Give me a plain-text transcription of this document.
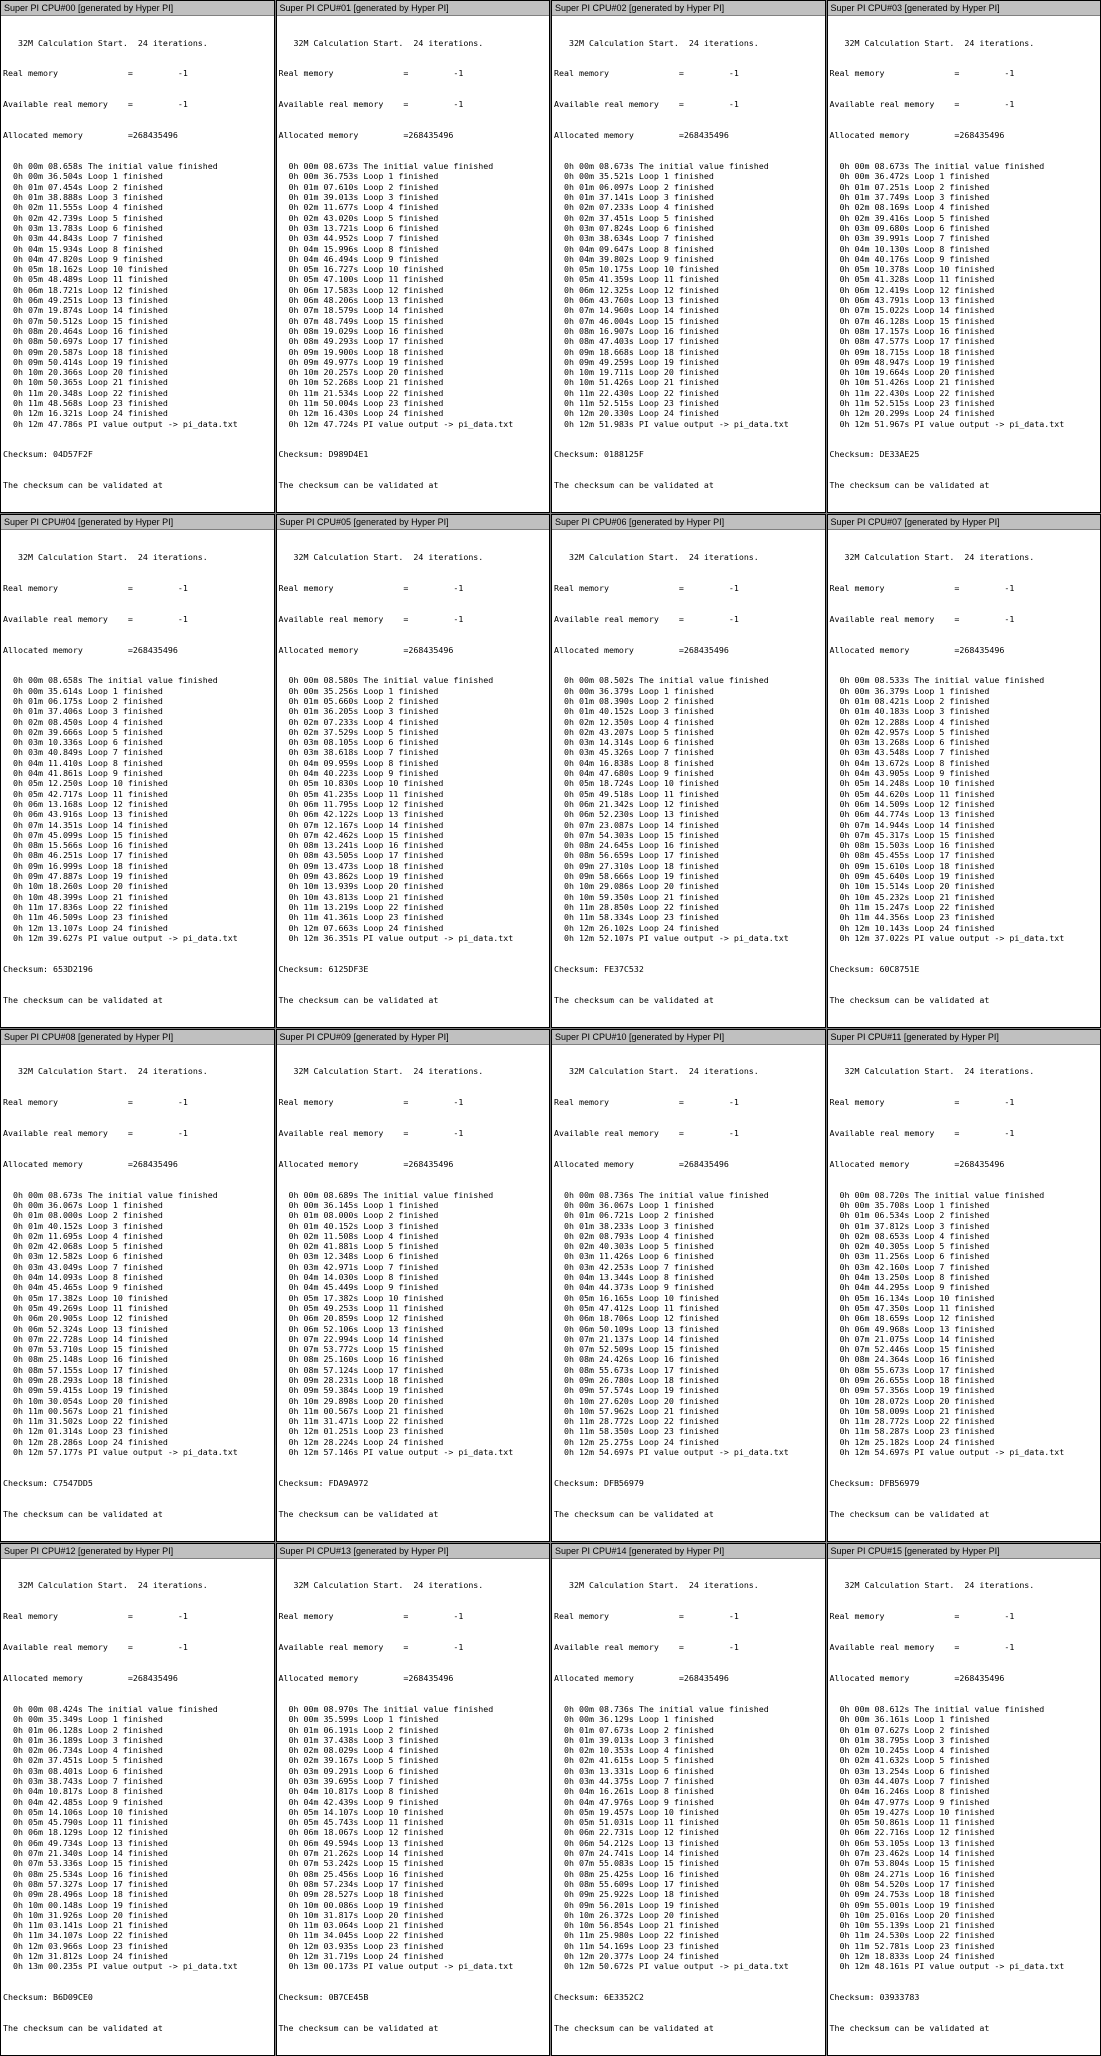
Super PI CPU#00 [generated by Hyper PI]

32M Calculation Start.  24 iterations.

Real memory              =         -1

Available real memory    =         -1

Allocated memory         =268435496

0h 00m 08.658s The initial value finished
0h 00m 36.504s Loop 1 finished
0h 01m 07.454s Loop 2 finished
0h 01m 38.888s Loop 3 finished
0h 02m 11.555s Loop 4 finished
0h 02m 42.739s Loop 5 finished
0h 03m 13.783s Loop 6 finished
0h 03m 44.843s Loop 7 finished
0h 04m 15.934s Loop 8 finished
0h 04m 47.820s Loop 9 finished
0h 05m 18.162s Loop 10 finished
0h 05m 48.489s Loop 11 finished
0h 06m 18.721s Loop 12 finished
0h 06m 49.251s Loop 13 finished
0h 07m 19.874s Loop 14 finished
0h 07m 50.512s Loop 15 finished
0h 08m 20.464s Loop 16 finished
0h 08m 50.697s Loop 17 finished
0h 09m 20.587s Loop 18 finished
0h 09m 50.414s Loop 19 finished
0h 10m 20.366s Loop 20 finished
0h 10m 50.365s Loop 21 finished
0h 11m 20.348s Loop 22 finished
0h 11m 48.568s Loop 23 finished
0h 12m 16.321s Loop 24 finished
0h 12m 47.786s PI value output -> pi_data.txt

Checksum: 04D57F2F

The checksum can be validated at

Super PI CPU#01 [generated by Hyper PI]

32M Calculation Start.  24 iterations.

Real memory              =         -1

Available real memory    =         -1

Allocated memory         =268435496

0h 00m 08.673s The initial value finished
0h 00m 36.753s Loop 1 finished
0h 01m 07.610s Loop 2 finished
0h 01m 39.013s Loop 3 finished
0h 02m 11.677s Loop 4 finished
0h 02m 43.020s Loop 5 finished
0h 03m 13.721s Loop 6 finished
0h 03m 44.952s Loop 7 finished
0h 04m 15.996s Loop 8 finished
0h 04m 46.494s Loop 9 finished
0h 05m 16.727s Loop 10 finished
0h 05m 47.100s Loop 11 finished
0h 06m 17.583s Loop 12 finished
0h 06m 48.206s Loop 13 finished
0h 07m 18.579s Loop 14 finished
0h 07m 48.749s Loop 15 finished
0h 08m 19.029s Loop 16 finished
0h 08m 49.293s Loop 17 finished
0h 09m 19.900s Loop 18 finished
0h 09m 49.977s Loop 19 finished
0h 10m 20.257s Loop 20 finished
0h 10m 52.268s Loop 21 finished
0h 11m 21.534s Loop 22 finished
0h 11m 50.004s Loop 23 finished
0h 12m 16.430s Loop 24 finished
0h 12m 47.724s PI value output -> pi_data.txt

Checksum: D989D4E1

The checksum can be validated at

Super PI CPU#02 [generated by Hyper PI]

32M Calculation Start.  24 iterations.

Real memory              =         -1

Available real memory    =         -1

Allocated memory         =268435496

0h 00m 08.673s The initial value finished
0h 00m 35.521s Loop 1 finished
0h 01m 06.097s Loop 2 finished
0h 01m 37.141s Loop 3 finished
0h 02m 07.233s Loop 4 finished
0h 02m 37.451s Loop 5 finished
0h 03m 07.824s Loop 6 finished
0h 03m 38.634s Loop 7 finished
0h 04m 09.647s Loop 8 finished
0h 04m 39.802s Loop 9 finished
0h 05m 10.175s Loop 10 finished
0h 05m 41.359s Loop 11 finished
0h 06m 12.325s Loop 12 finished
0h 06m 43.760s Loop 13 finished
0h 07m 14.960s Loop 14 finished
0h 07m 46.004s Loop 15 finished
0h 08m 16.907s Loop 16 finished
0h 08m 47.403s Loop 17 finished
0h 09m 18.668s Loop 18 finished
0h 09m 49.259s Loop 19 finished
0h 10m 19.711s Loop 20 finished
0h 10m 51.426s Loop 21 finished
0h 11m 22.430s Loop 22 finished
0h 11m 52.515s Loop 23 finished
0h 12m 20.330s Loop 24 finished
0h 12m 51.983s PI value output -> pi_data.txt

Checksum: 0188125F

The checksum can be validated at

Super PI CPU#03 [generated by Hyper PI]

32M Calculation Start.  24 iterations.

Real memory              =         -1

Available real memory    =         -1

Allocated memory         =268435496

0h 00m 08.673s The initial value finished
0h 00m 36.472s Loop 1 finished
0h 01m 07.251s Loop 2 finished
0h 01m 37.749s Loop 3 finished
0h 02m 08.169s Loop 4 finished
0h 02m 39.416s Loop 5 finished
0h 03m 09.680s Loop 6 finished
0h 03m 39.991s Loop 7 finished
0h 04m 10.130s Loop 8 finished
0h 04m 40.176s Loop 9 finished
0h 05m 10.378s Loop 10 finished
0h 05m 41.328s Loop 11 finished
0h 06m 12.419s Loop 12 finished
0h 06m 43.791s Loop 13 finished
0h 07m 15.022s Loop 14 finished
0h 07m 46.128s Loop 15 finished
0h 08m 17.157s Loop 16 finished
0h 08m 47.577s Loop 17 finished
0h 09m 18.715s Loop 18 finished
0h 09m 48.947s Loop 19 finished
0h 10m 19.664s Loop 20 finished
0h 10m 51.426s Loop 21 finished
0h 11m 22.430s Loop 22 finished
0h 11m 52.515s Loop 23 finished
0h 12m 20.299s Loop 24 finished
0h 12m 51.967s PI value output -> pi_data.txt

Checksum: DE33AE25

The checksum can be validated at

Super PI CPU#04 [generated by Hyper PI]

32M Calculation Start.  24 iterations.

Real memory              =         -1

Available real memory    =         -1

Allocated memory         =268435496

0h 00m 08.658s The initial value finished
0h 00m 35.614s Loop 1 finished
0h 01m 06.175s Loop 2 finished
0h 01m 37.406s Loop 3 finished
0h 02m 08.450s Loop 4 finished
0h 02m 39.666s Loop 5 finished
0h 03m 10.336s Loop 6 finished
0h 03m 40.849s Loop 7 finished
0h 04m 11.410s Loop 8 finished
0h 04m 41.861s Loop 9 finished
0h 05m 12.250s Loop 10 finished
0h 05m 42.717s Loop 11 finished
0h 06m 13.168s Loop 12 finished
0h 06m 43.916s Loop 13 finished
0h 07m 14.351s Loop 14 finished
0h 07m 45.099s Loop 15 finished
0h 08m 15.566s Loop 16 finished
0h 08m 46.251s Loop 17 finished
0h 09m 16.999s Loop 18 finished
0h 09m 47.887s Loop 19 finished
0h 10m 18.260s Loop 20 finished
0h 10m 48.399s Loop 21 finished
0h 11m 17.836s Loop 22 finished
0h 11m 46.509s Loop 23 finished
0h 12m 13.107s Loop 24 finished
0h 12m 39.627s PI value output -> pi_data.txt

Checksum: 653D2196

The checksum can be validated at

Super PI CPU#05 [generated by Hyper PI]

32M Calculation Start.  24 iterations.

Real memory              =         -1

Available real memory    =         -1

Allocated memory         =268435496

0h 00m 08.580s The initial value finished
0h 00m 35.256s Loop 1 finished
0h 01m 05.660s Loop 2 finished
0h 01m 36.205s Loop 3 finished
0h 02m 07.233s Loop 4 finished
0h 02m 37.529s Loop 5 finished
0h 03m 08.105s Loop 6 finished
0h 03m 38.618s Loop 7 finished
0h 04m 09.959s Loop 8 finished
0h 04m 40.223s Loop 9 finished
0h 05m 10.830s Loop 10 finished
0h 05m 41.235s Loop 11 finished
0h 06m 11.795s Loop 12 finished
0h 06m 42.122s Loop 13 finished
0h 07m 12.167s Loop 14 finished
0h 07m 42.462s Loop 15 finished
0h 08m 13.241s Loop 16 finished
0h 08m 43.505s Loop 17 finished
0h 09m 13.473s Loop 18 finished
0h 09m 43.862s Loop 19 finished
0h 10m 13.939s Loop 20 finished
0h 10m 43.813s Loop 21 finished
0h 11m 13.219s Loop 22 finished
0h 11m 41.361s Loop 23 finished
0h 12m 07.663s Loop 24 finished
0h 12m 36.351s PI value output -> pi_data.txt

Checksum: 6125DF3E

The checksum can be validated at

Super PI CPU#06 [generated by Hyper PI]

32M Calculation Start.  24 iterations.

Real memory              =         -1

Available real memory    =         -1

Allocated memory         =268435496

0h 00m 08.502s The initial value finished
0h 00m 36.379s Loop 1 finished
0h 01m 08.390s Loop 2 finished
0h 01m 40.152s Loop 3 finished
0h 02m 12.350s Loop 4 finished
0h 02m 43.207s Loop 5 finished
0h 03m 14.314s Loop 6 finished
0h 03m 45.326s Loop 7 finished
0h 04m 16.838s Loop 8 finished
0h 04m 47.680s Loop 9 finished
0h 05m 18.724s Loop 10 finished
0h 05m 49.518s Loop 11 finished
0h 06m 21.342s Loop 12 finished
0h 06m 52.230s Loop 13 finished
0h 07m 23.087s Loop 14 finished
0h 07m 54.303s Loop 15 finished
0h 08m 24.645s Loop 16 finished
0h 08m 56.659s Loop 17 finished
0h 09m 27.310s Loop 18 finished
0h 09m 58.666s Loop 19 finished
0h 10m 29.086s Loop 20 finished
0h 10m 59.350s Loop 21 finished
0h 11m 28.850s Loop 22 finished
0h 11m 58.334s Loop 23 finished
0h 12m 26.102s Loop 24 finished
0h 12m 52.107s PI value output -> pi_data.txt

Checksum: FE37C532

The checksum can be validated at

Super PI CPU#07 [generated by Hyper PI]

32M Calculation Start.  24 iterations.

Real memory              =         -1

Available real memory    =         -1

Allocated memory         =268435496

0h 00m 08.533s The initial value finished
0h 00m 36.379s Loop 1 finished
0h 01m 08.421s Loop 2 finished
0h 01m 40.183s Loop 3 finished
0h 02m 12.288s Loop 4 finished
0h 02m 42.957s Loop 5 finished
0h 03m 13.268s Loop 6 finished
0h 03m 43.548s Loop 7 finished
0h 04m 13.672s Loop 8 finished
0h 04m 43.905s Loop 9 finished
0h 05m 14.248s Loop 10 finished
0h 05m 44.620s Loop 11 finished
0h 06m 14.509s Loop 12 finished
0h 06m 44.774s Loop 13 finished
0h 07m 14.944s Loop 14 finished
0h 07m 45.317s Loop 15 finished
0h 08m 15.503s Loop 16 finished
0h 08m 45.455s Loop 17 finished
0h 09m 15.610s Loop 18 finished
0h 09m 45.640s Loop 19 finished
0h 10m 15.514s Loop 20 finished
0h 10m 45.232s Loop 21 finished
0h 11m 15.247s Loop 22 finished
0h 11m 44.356s Loop 23 finished
0h 12m 10.143s Loop 24 finished
0h 12m 37.022s PI value output -> pi_data.txt

Checksum: 60C8751E

The checksum can be validated at

Super PI CPU#08 [generated by Hyper PI]

32M Calculation Start.  24 iterations.

Real memory              =         -1

Available real memory    =         -1

Allocated memory         =268435496

0h 00m 08.673s The initial value finished
0h 00m 36.067s Loop 1 finished
0h 01m 08.000s Loop 2 finished
0h 01m 40.152s Loop 3 finished
0h 02m 11.695s Loop 4 finished
0h 02m 42.068s Loop 5 finished
0h 03m 12.582s Loop 6 finished
0h 03m 43.049s Loop 7 finished
0h 04m 14.093s Loop 8 finished
0h 04m 45.465s Loop 9 finished
0h 05m 17.382s Loop 10 finished
0h 05m 49.269s Loop 11 finished
0h 06m 20.905s Loop 12 finished
0h 06m 52.324s Loop 13 finished
0h 07m 22.728s Loop 14 finished
0h 07m 53.710s Loop 15 finished
0h 08m 25.148s Loop 16 finished
0h 08m 57.155s Loop 17 finished
0h 09m 28.293s Loop 18 finished
0h 09m 59.415s Loop 19 finished
0h 10m 30.054s Loop 20 finished
0h 11m 00.567s Loop 21 finished
0h 11m 31.502s Loop 22 finished
0h 12m 01.314s Loop 23 finished
0h 12m 28.286s Loop 24 finished
0h 12m 57.177s PI value output -> pi_data.txt

Checksum: C7547DD5

The checksum can be validated at

Super PI CPU#09 [generated by Hyper PI]

32M Calculation Start.  24 iterations.

Real memory              =         -1

Available real memory    =         -1

Allocated memory         =268435496

0h 00m 08.689s The initial value finished
0h 00m 36.145s Loop 1 finished
0h 01m 08.000s Loop 2 finished
0h 01m 40.152s Loop 3 finished
0h 02m 11.508s Loop 4 finished
0h 02m 41.881s Loop 5 finished
0h 03m 12.348s Loop 6 finished
0h 03m 42.971s Loop 7 finished
0h 04m 14.030s Loop 8 finished
0h 04m 45.449s Loop 9 finished
0h 05m 17.382s Loop 10 finished
0h 05m 49.253s Loop 11 finished
0h 06m 20.859s Loop 12 finished
0h 06m 52.106s Loop 13 finished
0h 07m 22.994s Loop 14 finished
0h 07m 53.772s Loop 15 finished
0h 08m 25.160s Loop 16 finished
0h 08m 57.124s Loop 17 finished
0h 09m 28.231s Loop 18 finished
0h 09m 59.384s Loop 19 finished
0h 10m 29.898s Loop 20 finished
0h 11m 00.567s Loop 21 finished
0h 11m 31.471s Loop 22 finished
0h 12m 01.251s Loop 23 finished
0h 12m 28.224s Loop 24 finished
0h 12m 57.146s PI value output -> pi_data.txt

Checksum: FDA9A972

The checksum can be validated at

Super PI CPU#10 [generated by Hyper PI]

32M Calculation Start.  24 iterations.

Real memory              =         -1

Available real memory    =         -1

Allocated memory         =268435496

0h 00m 08.736s The initial value finished
0h 00m 36.067s Loop 1 finished
0h 01m 06.721s Loop 2 finished
0h 01m 38.233s Loop 3 finished
0h 02m 08.793s Loop 4 finished
0h 02m 40.303s Loop 5 finished
0h 03m 11.426s Loop 6 finished
0h 03m 42.253s Loop 7 finished
0h 04m 13.344s Loop 8 finished
0h 04m 44.373s Loop 9 finished
0h 05m 16.165s Loop 10 finished
0h 05m 47.412s Loop 11 finished
0h 06m 18.706s Loop 12 finished
0h 06m 50.109s Loop 13 finished
0h 07m 21.137s Loop 14 finished
0h 07m 52.509s Loop 15 finished
0h 08m 24.426s Loop 16 finished
0h 08m 55.673s Loop 17 finished
0h 09m 26.780s Loop 18 finished
0h 09m 57.574s Loop 19 finished
0h 10m 27.620s Loop 20 finished
0h 10m 57.962s Loop 21 finished
0h 11m 28.772s Loop 22 finished
0h 11m 58.350s Loop 23 finished
0h 12m 25.275s Loop 24 finished
0h 12m 54.697s PI value output -> pi_data.txt

Checksum: DFB56979

The checksum can be validated at

Super PI CPU#11 [generated by Hyper PI]

32M Calculation Start.  24 iterations.

Real memory              =         -1

Available real memory    =         -1

Allocated memory         =268435496

0h 00m 08.720s The initial value finished
0h 00m 35.708s Loop 1 finished
0h 01m 06.534s Loop 2 finished
0h 01m 37.812s Loop 3 finished
0h 02m 08.653s Loop 4 finished
0h 02m 40.305s Loop 5 finished
0h 03m 11.256s Loop 6 finished
0h 03m 42.160s Loop 7 finished
0h 04m 13.250s Loop 8 finished
0h 04m 44.295s Loop 9 finished
0h 05m 16.134s Loop 10 finished
0h 05m 47.350s Loop 11 finished
0h 06m 18.659s Loop 12 finished
0h 06m 49.968s Loop 13 finished
0h 07m 21.075s Loop 14 finished
0h 07m 52.446s Loop 15 finished
0h 08m 24.364s Loop 16 finished
0h 08m 55.673s Loop 17 finished
0h 09m 26.655s Loop 18 finished
0h 09m 57.356s Loop 19 finished
0h 10m 28.072s Loop 20 finished
0h 10m 58.009s Loop 21 finished
0h 11m 28.772s Loop 22 finished
0h 11m 58.287s Loop 23 finished
0h 12m 25.182s Loop 24 finished
0h 12m 54.697s PI value output -> pi_data.txt

Checksum: DFB56979

The checksum can be validated at

Super PI CPU#12 [generated by Hyper PI]

32M Calculation Start.  24 iterations.

Real memory              =         -1

Available real memory    =         -1

Allocated memory         =268435496

0h 00m 08.424s The initial value finished
0h 00m 35.349s Loop 1 finished
0h 01m 06.128s Loop 2 finished
0h 01m 36.189s Loop 3 finished
0h 02m 06.734s Loop 4 finished
0h 02m 37.451s Loop 5 finished
0h 03m 08.401s Loop 6 finished
0h 03m 38.743s Loop 7 finished
0h 04m 10.817s Loop 8 finished
0h 04m 42.485s Loop 9 finished
0h 05m 14.106s Loop 10 finished
0h 05m 45.790s Loop 11 finished
0h 06m 18.129s Loop 12 finished
0h 06m 49.734s Loop 13 finished
0h 07m 21.340s Loop 14 finished
0h 07m 53.336s Loop 15 finished
0h 08m 25.534s Loop 16 finished
0h 08m 57.327s Loop 17 finished
0h 09m 28.496s Loop 18 finished
0h 10m 00.148s Loop 19 finished
0h 10m 31.926s Loop 20 finished
0h 11m 03.141s Loop 21 finished
0h 11m 34.107s Loop 22 finished
0h 12m 03.966s Loop 23 finished
0h 12m 31.812s Loop 24 finished
0h 13m 00.235s PI value output -> pi_data.txt

Checksum: B6D09CE0

The checksum can be validated at

Super PI CPU#13 [generated by Hyper PI]

32M Calculation Start.  24 iterations.

Real memory              =         -1

Available real memory    =         -1

Allocated memory         =268435496

0h 00m 08.970s The initial value finished
0h 00m 35.599s Loop 1 finished
0h 01m 06.191s Loop 2 finished
0h 01m 37.438s Loop 3 finished
0h 02m 08.029s Loop 4 finished
0h 02m 39.167s Loop 5 finished
0h 03m 09.291s Loop 6 finished
0h 03m 39.695s Loop 7 finished
0h 04m 10.817s Loop 8 finished
0h 04m 42.439s Loop 9 finished
0h 05m 14.107s Loop 10 finished
0h 05m 45.743s Loop 11 finished
0h 06m 18.067s Loop 12 finished
0h 06m 49.594s Loop 13 finished
0h 07m 21.262s Loop 14 finished
0h 07m 53.242s Loop 15 finished
0h 08m 25.456s Loop 16 finished
0h 08m 57.234s Loop 17 finished
0h 09m 28.527s Loop 18 finished
0h 10m 00.086s Loop 19 finished
0h 10m 31.817s Loop 20 finished
0h 11m 03.064s Loop 21 finished
0h 11m 34.045s Loop 22 finished
0h 12m 03.935s Loop 23 finished
0h 12m 31.719s Loop 24 finished
0h 13m 00.173s PI value output -> pi_data.txt

Checksum: 0B7CE45B

The checksum can be validated at

Super PI CPU#14 [generated by Hyper PI]

32M Calculation Start.  24 iterations.

Real memory              =         -1

Available real memory    =         -1

Allocated memory         =268435496

0h 00m 08.736s The initial value finished
0h 00m 36.129s Loop 1 finished
0h 01m 07.673s Loop 2 finished
0h 01m 39.013s Loop 3 finished
0h 02m 10.353s Loop 4 finished
0h 02m 41.615s Loop 5 finished
0h 03m 13.331s Loop 6 finished
0h 03m 44.375s Loop 7 finished
0h 04m 16.261s Loop 8 finished
0h 04m 47.976s Loop 9 finished
0h 05m 19.457s Loop 10 finished
0h 05m 51.031s Loop 11 finished
0h 06m 22.731s Loop 12 finished
0h 06m 54.212s Loop 13 finished
0h 07m 24.741s Loop 14 finished
0h 07m 55.083s Loop 15 finished
0h 08m 25.425s Loop 16 finished
0h 08m 55.609s Loop 17 finished
0h 09m 25.922s Loop 18 finished
0h 09m 56.201s Loop 19 finished
0h 10m 26.372s Loop 20 finished
0h 10m 56.854s Loop 21 finished
0h 11m 25.980s Loop 22 finished
0h 11m 54.169s Loop 23 finished
0h 12m 20.377s Loop 24 finished
0h 12m 50.672s PI value output -> pi_data.txt

Checksum: 6E3352C2

The checksum can be validated at

Super PI CPU#15 [generated by Hyper PI]

32M Calculation Start.  24 iterations.

Real memory              =         -1

Available real memory    =         -1

Allocated memory         =268435496

0h 00m 08.612s The initial value finished
0h 00m 36.161s Loop 1 finished
0h 01m 07.627s Loop 2 finished
0h 01m 38.795s Loop 3 finished
0h 02m 10.245s Loop 4 finished
0h 02m 41.632s Loop 5 finished
0h 03m 13.254s Loop 6 finished
0h 03m 44.407s Loop 7 finished
0h 04m 16.246s Loop 8 finished
0h 04m 47.977s Loop 9 finished
0h 05m 19.427s Loop 10 finished
0h 05m 50.861s Loop 11 finished
0h 06m 22.716s Loop 12 finished
0h 06m 53.105s Loop 13 finished
0h 07m 23.462s Loop 14 finished
0h 07m 53.804s Loop 15 finished
0h 08m 24.271s Loop 16 finished
0h 08m 54.520s Loop 17 finished
0h 09m 24.753s Loop 18 finished
0h 09m 55.001s Loop 19 finished
0h 10m 25.016s Loop 20 finished
0h 10m 55.139s Loop 21 finished
0h 11m 24.530s Loop 22 finished
0h 11m 52.781s Loop 23 finished
0h 12m 18.833s Loop 24 finished
0h 12m 48.161s PI value output -> pi_data.txt

Checksum: 03933783

The checksum can be validated at
